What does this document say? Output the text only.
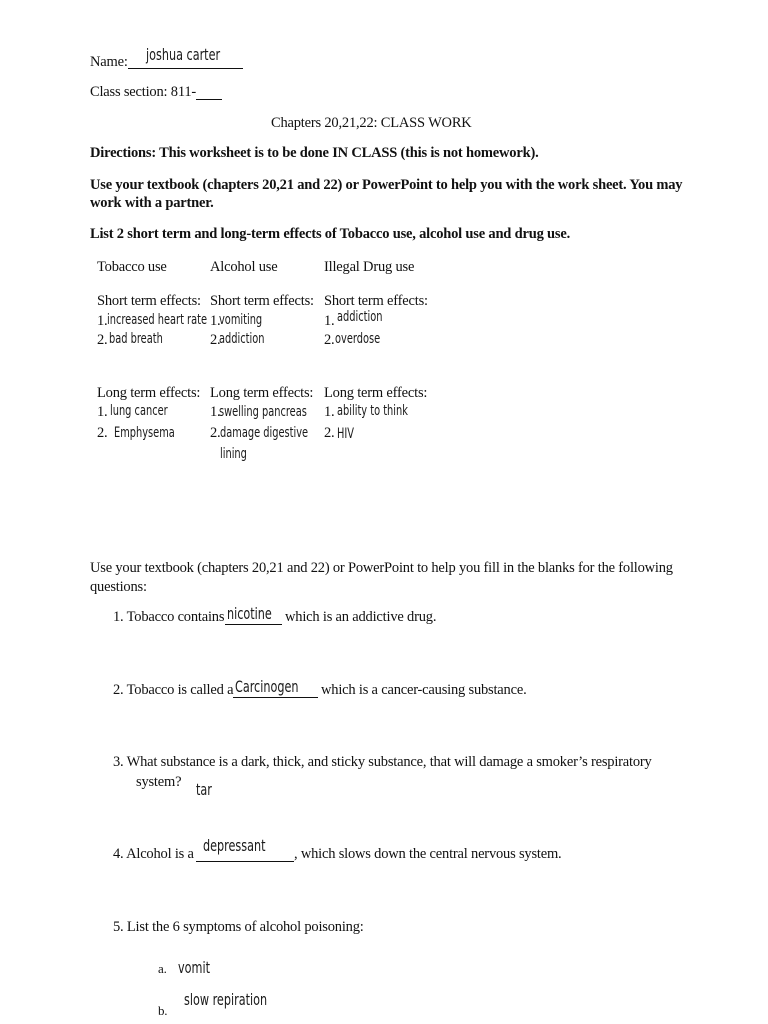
Name: joshua carter
Class section: 811-
Chapters 20,21,22: CLASS WORK
Directions: This worksheet is to be done IN CLASS (this is not homework).
Use your textbook (chapters 20,21 and 22) or PowerPoint to help you with the work sheet. You may
work with a partner.
List 2 short term and long-term effects of Tobacco use, alcohol use and drug use.
Tobacco use	Alcohol use	Illegal Drug use
Short term effects: Short term effects: Short term effects:
1. increased heart rate
2. bad breath
1.
vomiting
2.
addiction
1. addiction
2. overdose
Long term effects: Long term effects: Long term effects:
1. lung cancer
2. Emphysema
1.
swelling pancreas
2. damage digestive
lining
1. ability to think
2. HIV
Use your textbook (chapters 20,21 and 22) or PowerPoint to help you fill in the blanks for the following
questions:
1. Tobacco contains nicotine which is an addictive drug.
2. Tobacco is called a Carcinogen which is a cancer-causing substance.
3. What substance is a dark, thick, and sticky substance, that will damage a smoker’s respiratory
system? tar
4. Alcohol is a depressant , which slows down the central nervous system.
5. List the 6 symptoms of alcohol poisoning:
a. vomit
b.
slow repiration
